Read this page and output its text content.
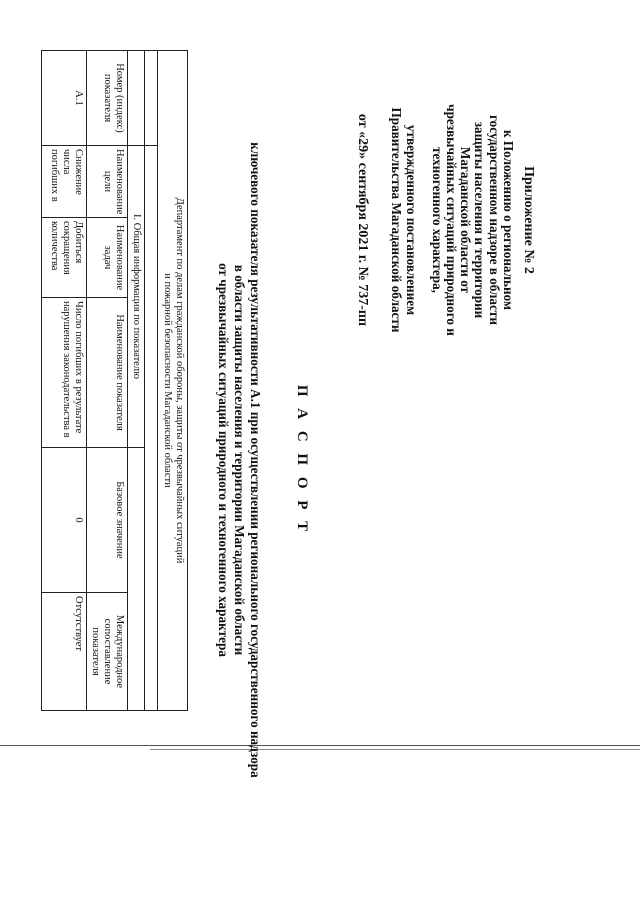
Приложение № 2
к Положению о региональном
государственном надзоре в области
защиты населения и территории
Магаданской области от
чрезвычайных ситуаций природного и
техногенного характера,
утвержденного постановлением
Правительства Магаданской области
от «29» сентября 2021 г. № 737-пп
П А С П О Р Т
ключевого показателя результативности А.1 при осуществлении регионального государственного надзора
в области защиты населения и территории Магаданской области
от чрезвычайных ситуаций природного и техногенного характера
Департамент по делам гражданской обороны, защиты от чрезвычайных ситуаций
и пожарной безопасности Магаданской области					

	I. Общая информация по показателю				
Номер (индекс) показателя	Наименование цели	Наименование задач	Наименование показателя	Базовое значение	Международное сопоставление показателя
А.1	Снижение числа погибших в	Добиться сокращения количества	Число погибших в результате нарушения законодательства в	0	Отсутствует
